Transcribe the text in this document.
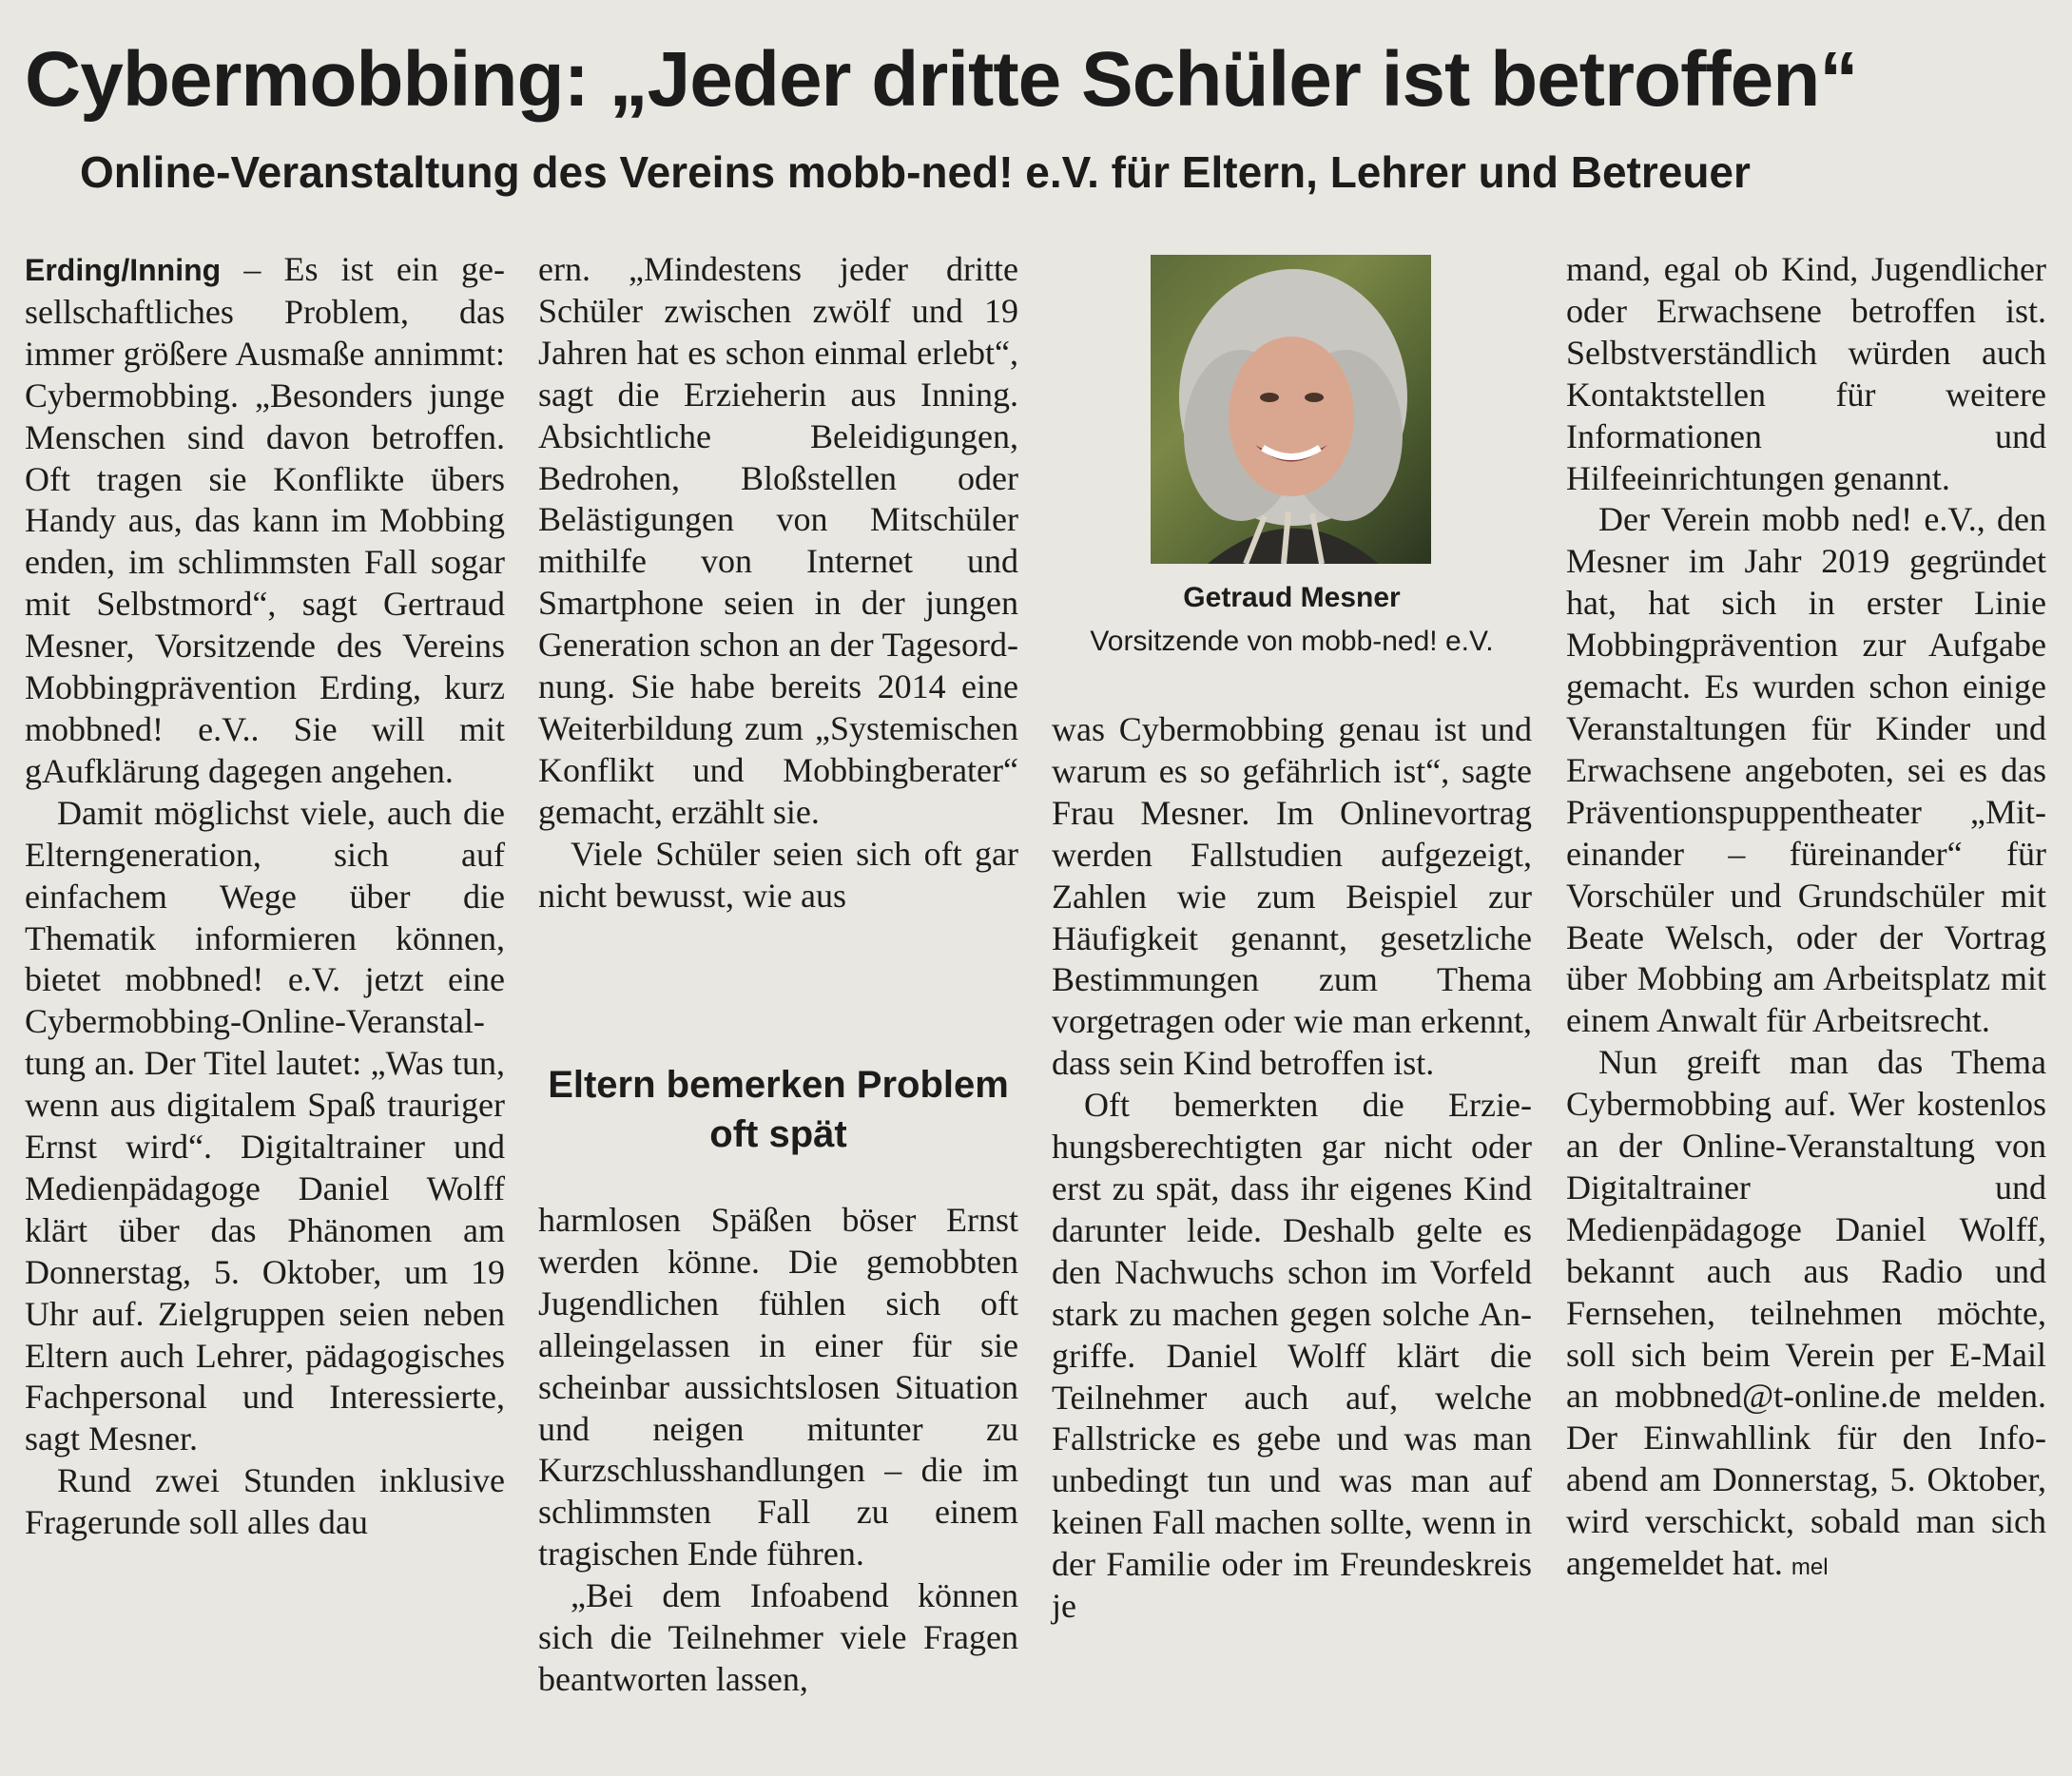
Cybermobbing: „Jeder dritte Schüler ist betroffen“
Online-Veranstaltung des Vereins mobb-ned! e.V. für Eltern, Lehrer und Betreuer

Erding/Inning – Es ist ein gesellschaftliches Problem, das immer größere Ausmaße annimmt: Cybermobbing. „Besonders junge Menschen sind davon betroffen. Oft tragen sie Konflikte übers Handy aus, das kann im Mobbing enden, im schlimmsten Fall sogar mit Selbstmord“, sagt Gertraud Mesner, Vorsitzende des Vereins Mobbingprävention Erding, kurz mobbned! e.V.. Sie will mit gAufklärung dagegen angehen.

Damit möglichst viele, auch die Elterngeneration, sich auf einfachem Wege über die Thematik informieren können, bietet mobbned! e.V. jetzt eine Cybermobbing-Online-Veranstaltung an. Der Titel lautet: „Was tun, wenn aus digitalem Spaß trauriger Ernst wird“. Digitaltrainer und Medienpädagoge Daniel Wolff klärt über das Phänomen am Donnerstag, 5. Oktober, um 19 Uhr auf. Zielgruppen seien neben Eltern auch Lehrer, pädagogisches Fachpersonal und Interessierte, sagt Mesner.

Rund zwei Stunden inklusive Fragerunde soll alles dau

ern. „Mindestens jeder dritte Schüler zwischen zwölf und 19 Jahren hat es schon einmal erlebt“, sagt die Erzieherin aus Inning. Absichtliche Beleidigungen, Bedrohen, Bloßstellen oder Belästigungen von Mitschüler mithilfe von Internet und Smartphone seien in der jungen Generation schon an der Tagesordnung. Sie habe bereits 2014 eine Weiterbildung zum „Systemischen Konflikt und Mobbingberater“ gemacht, erzählt sie.

Viele Schüler seien sich oft gar nicht bewusst, wie aus

Eltern bemerken Problem oft spät

harmlosen Späßen böser Ernst werden könne. Die gemobbten Jugendlichen fühlen sich oft alleingelassen in einer für sie scheinbar aussichtslosen Situation und neigen mitunter zu Kurzschlusshandlungen – die im schlimmsten Fall zu einem tragischen Ende führen.

„Bei dem Infoabend können sich die Teilnehmer viele Fragen beantworten lassen,

Getraud Mesner

Vorsitzende von mobb-ned! e.V.

was Cybermobbing genau ist und warum es so gefährlich ist“, sagte Frau Mesner. Im Onlinevortrag werden Fallstudien aufgezeigt, Zahlen wie zum Beispiel zur Häufigkeit genannt, gesetzliche Bestimmungen zum Thema vorgetragen oder wie man erkennt, dass sein Kind betroffen ist.

Oft bemerkten die Erziehungsberechtigten gar nicht oder erst zu spät, dass ihr eigenes Kind darunter leide. Deshalb gelte es den Nachwuchs schon im Vorfeld stark zu machen gegen solche Angriffe. Daniel Wolff klärt die Teilnehmer auch auf, welche Fallstricke es gebe und was man unbedingt tun und was man auf keinen Fall machen sollte, wenn in der Familie oder im Freundeskreis je

mand, egal ob Kind, Jugendlicher oder Erwachsene betroffen ist. Selbstverständlich würden auch Kontaktstellen für weitere Informationen und Hilfeeinrichtungen genannt.

Der Verein mobb ned! e.V., den Mesner im Jahr 2019 gegründet hat, hat sich in erster Linie Mobbingprävention zur Aufgabe gemacht. Es wurden schon einige Veranstaltungen für Kinder und Erwachsene angeboten, sei es das Präventionspuppentheater „Miteinander – füreinander“ für Vorschüler und Grundschüler mit Beate Welsch, oder der Vortrag über Mobbing am Arbeitsplatz mit einem Anwalt für Arbeitsrecht.

Nun greift man das Thema Cybermobbing auf. Wer kostenlos an der Online-Veranstaltung von Digitaltrainer und Medienpädagoge Daniel Wolff, bekannt auch aus Radio und Fernsehen, teilnehmen möchte, soll sich beim Verein per E-Mail an mobbned@t-online.de melden. Der Einwahllink für den Infoabend am Donnerstag, 5. Oktober, wird verschickt, sobald man sich angemeldet hat. mel
